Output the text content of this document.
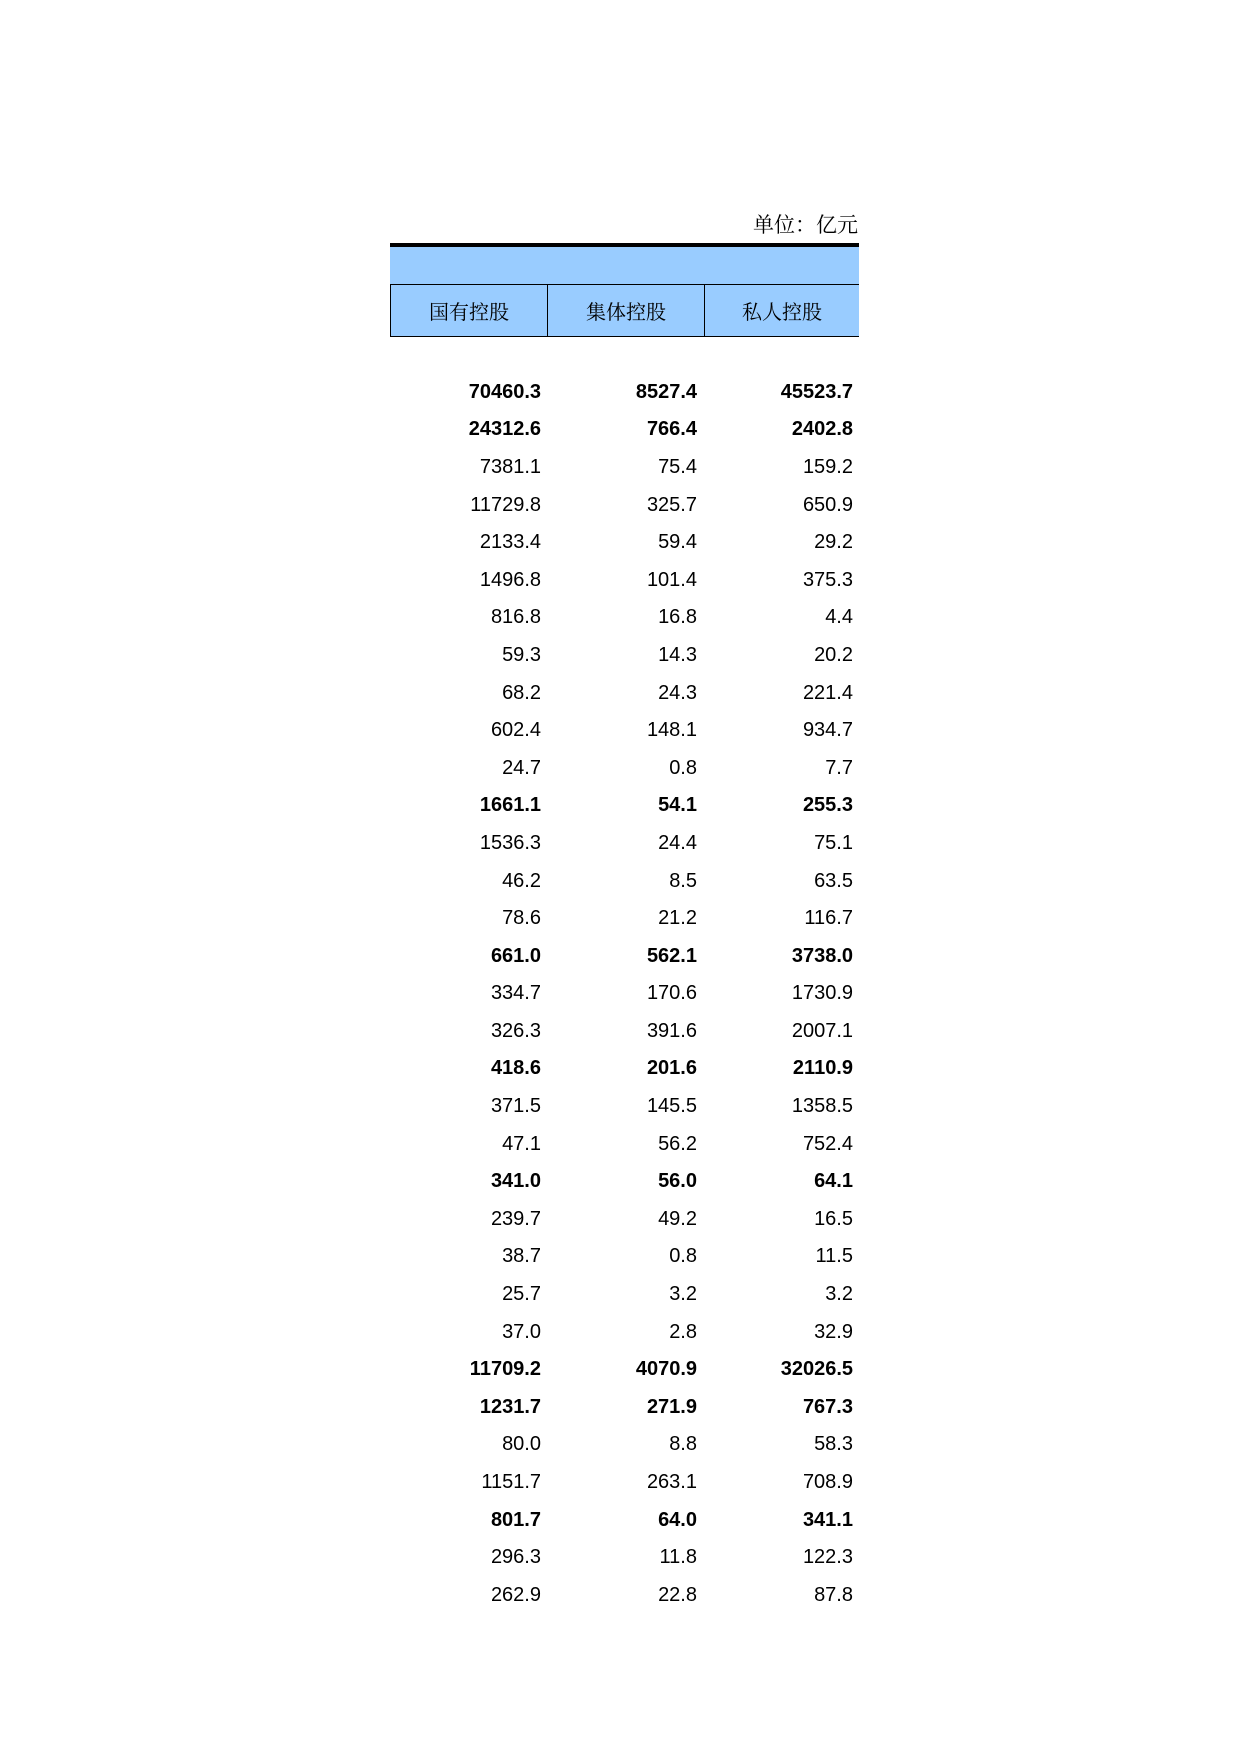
单位：亿元
国有控股	集体控股	私人控股
70460.3	8527.4	45523.7
24312.6	766.4	2402.8
7381.1	75.4	159.2
11729.8	325.7	650.9
2133.4	59.4	29.2
1496.8	101.4	375.3
816.8	16.8	4.4
59.3	14.3	20.2
68.2	24.3	221.4
602.4	148.1	934.7
24.7	0.8	7.7
1661.1	54.1	255.3
1536.3	24.4	75.1
46.2	8.5	63.5
78.6	21.2	116.7
661.0	562.1	3738.0
334.7	170.6	1730.9
326.3	391.6	2007.1
418.6	201.6	2110.9
371.5	145.5	1358.5
47.1	56.2	752.4
341.0	56.0	64.1
239.7	49.2	16.5
38.7	0.8	11.5
25.7	3.2	3.2
37.0	2.8	32.9
11709.2	4070.9	32026.5
1231.7	271.9	767.3
80.0	8.8	58.3
1151.7	263.1	708.9
801.7	64.0	341.1
296.3	11.8	122.3
262.9	22.8	87.8
